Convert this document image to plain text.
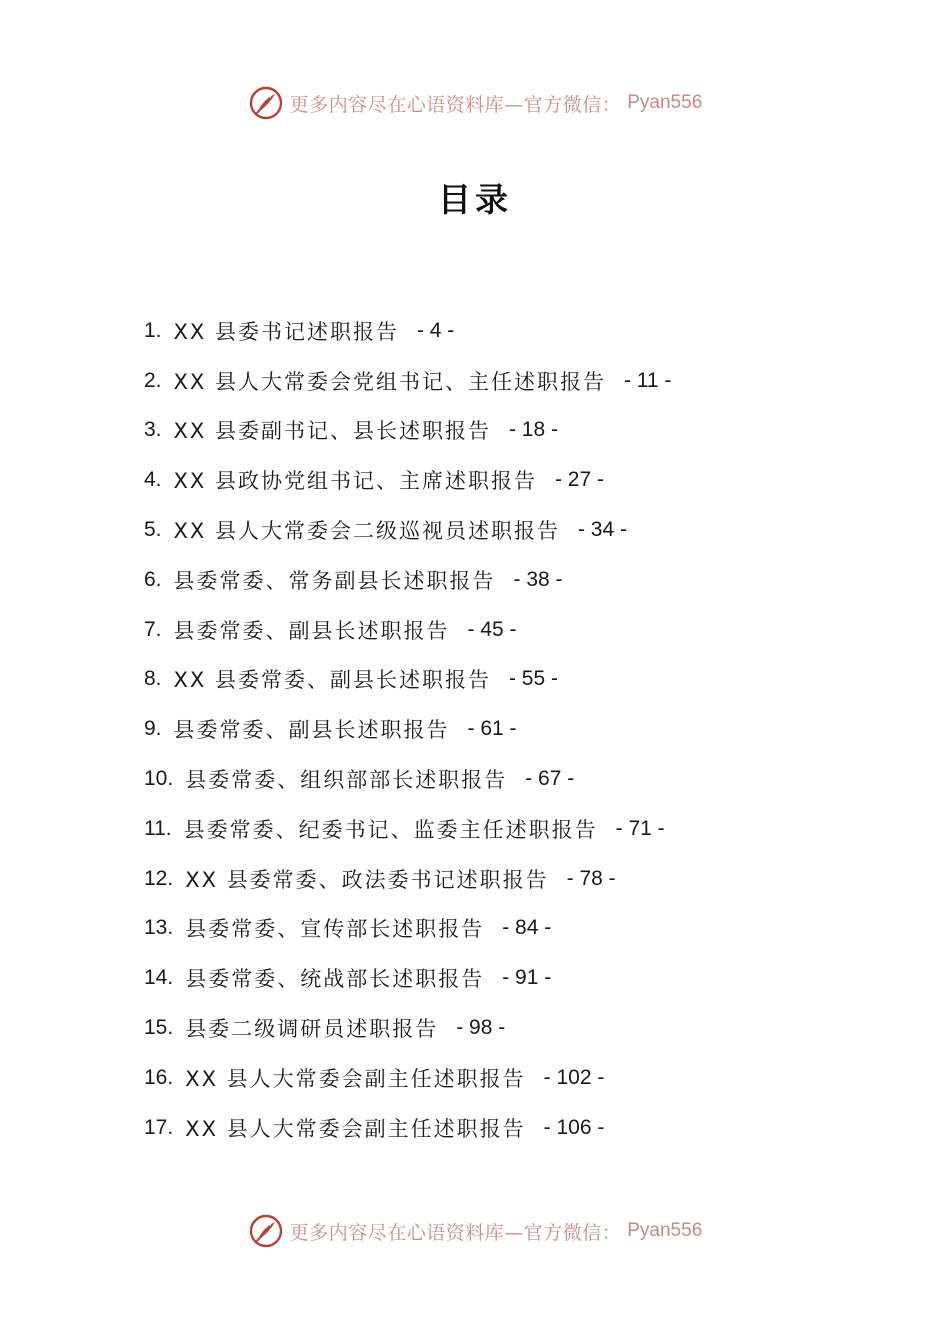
更多内容尽在心语资料库—官方微信： Pyan556
目录
1. XX 县委书记述职报告 - 4 -
2. XX 县人大常委会党组书记、主任述职报告 - 11 -
3. XX 县委副书记、县长述职报告 - 18 -
4. XX 县政协党组书记、主席述职报告 - 27 -
5. XX 县人大常委会二级巡视员述职报告 - 34 -
6. 县委常委、常务副县长述职报告 - 38 -
7. 县委常委、副县长述职报告 - 45 -
8. XX 县委常委、副县长述职报告 - 55 -
9. 县委常委、副县长述职报告 - 61 -
10. 县委常委、组织部部长述职报告 - 67 -
11. 县委常委、纪委书记、监委主任述职报告 - 71 -
12. XX 县委常委、政法委书记述职报告 - 78 -
13. 县委常委、宣传部长述职报告 - 84 -
14. 县委常委、统战部长述职报告 - 91 -
15. 县委二级调研员述职报告 - 98 -
16. XX 县人大常委会副主任述职报告 - 102 -
17. XX 县人大常委会副主任述职报告 - 106 -
更多内容尽在心语资料库—官方微信： Pyan556
